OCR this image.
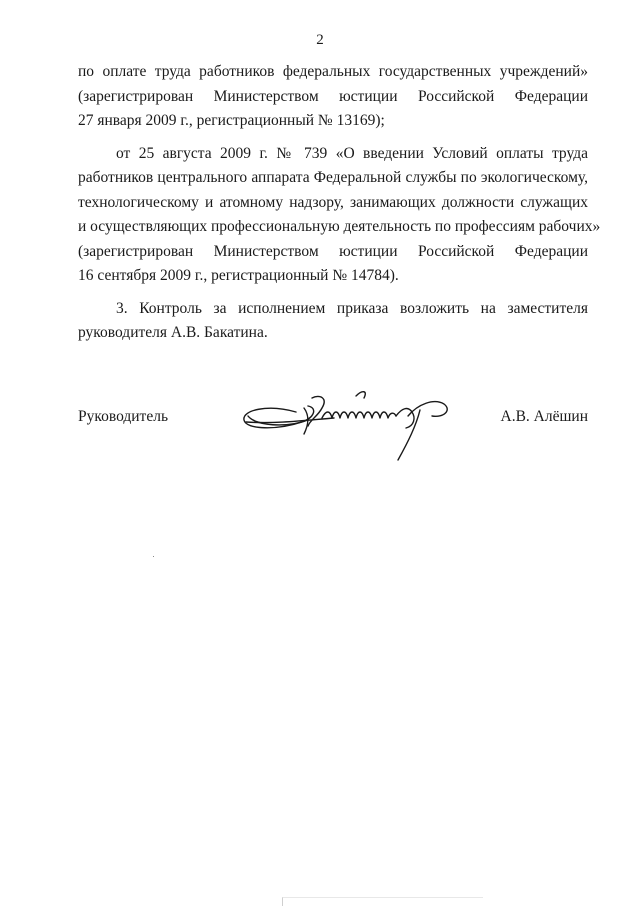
2
по оплате труда работников федеральных государственных учреждений»
(зарегистрирован Министерством юстиции Российской Федерации
27 января 2009 г., регистрационный № 13169);
от 25 августа 2009 г. № 739 «О введении Условий оплаты труда
работников центрального аппарата Федеральной службы по экологическому,
технологическому и атомному надзору, занимающих должности служащих
и осуществляющих профессиональную деятельность по профессиям рабочих»
(зарегистрирован Министерством юстиции Российской Федерации
16 сентября 2009 г., регистрационный № 14784).
3. Контроль за исполнением приказа возложить на заместителя
руководителя А.В. Бакатина.
Руководитель	А.В. Алёшин
